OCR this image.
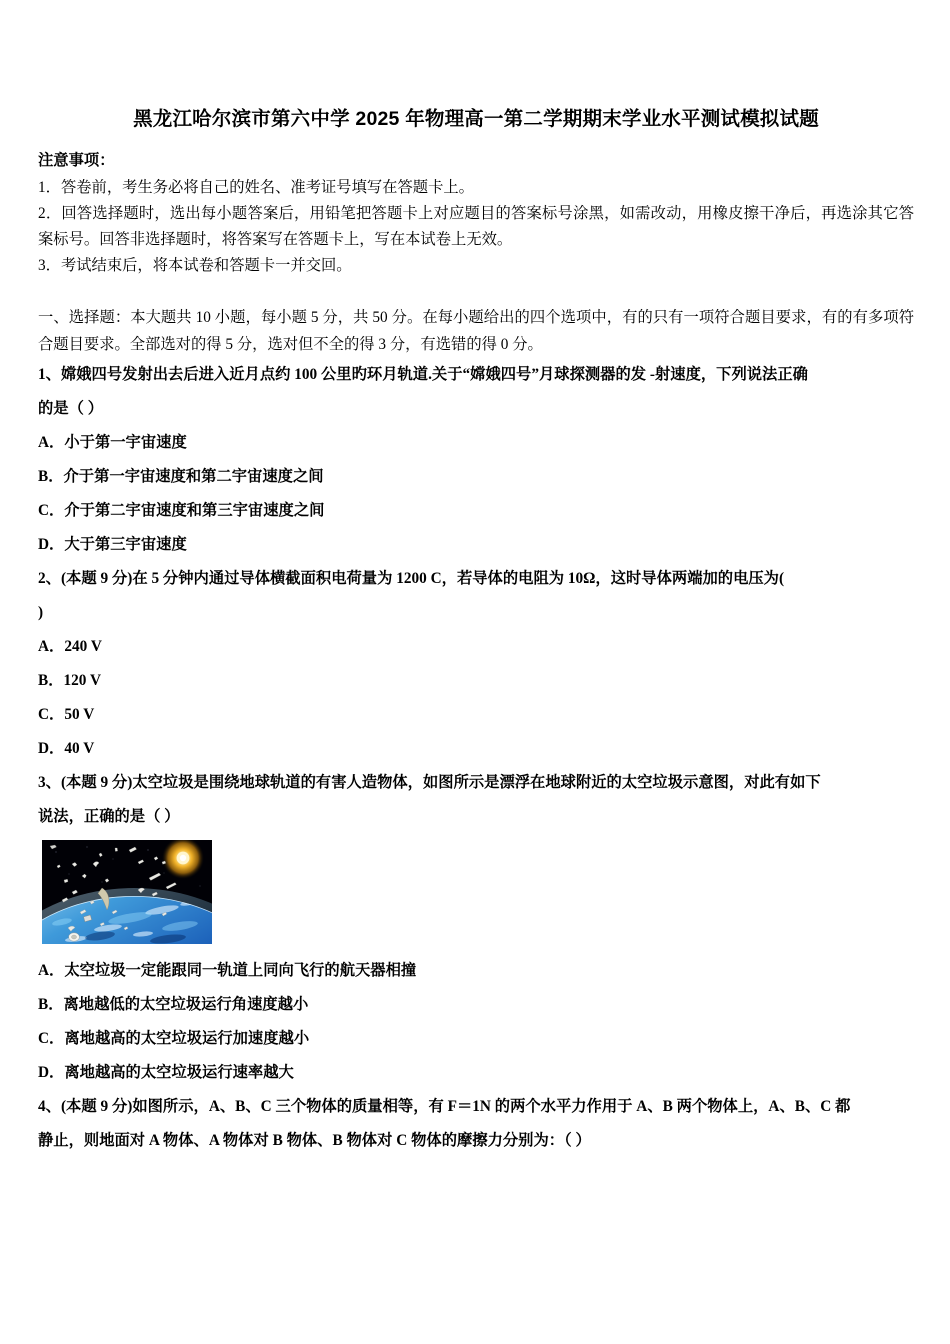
黑龙江哈尔滨市第六中学 2025 年物理高一第二学期期末学业水平测试模拟试题

注意事项：

1．答卷前，考生务必将自己的姓名、准考证号填写在答题卡上。

2．回答选择题时，选出每小题答案后，用铅笔把答题卡上对应题目的答案标号涂黑，如需改动，用橡皮擦干净后，再选涂其它答案标号。回答非选择题时，将答案写在答题卡上，写在本试卷上无效。

3．考试结束后，将本试卷和答题卡一并交回。

一、选择题：本大题共 10 小题，每小题 5 分，共 50 分。在每小题给出的四个选项中，有的只有一项符合题目要求，有的有多项符合题目要求。全部选对的得 5 分，选对但不全的得 3 分，有选错的得 0 分。

1、嫦娥四号发射出去后进入近月点约 100 公里旳环月轨道.关于“嫦娥四号”月球探测器的发 -射速度，下列说法正确

的是（ ）

A．小于第一宇宙速度

B．介于第一宇宙速度和第二宇宙速度之间

C．介于第二宇宙速度和第三宇宙速度之间

D．大于第三宇宙速度

2、(本题 9 分)在 5 分钟内通过导体横截面积电荷量为 1200 C，若导体的电阻为 10Ω，这时导体两端加的电压为(

)

A．240 V

B．120 V

C．50 V

D．40 V

3、(本题 9 分)太空垃圾是围绕地球轨道的有害人造物体，如图所示是漂浮在地球附近的太空垃圾示意图，对此有如下

说法，正确的是（ ）

A．太空垃圾一定能跟同一轨道上同向飞行的航天器相撞

B．离地越低的太空垃圾运行角速度越小

C．离地越高的太空垃圾运行加速度越小

D．离地越高的太空垃圾运行速率越大

4、(本题 9 分)如图所示，A、B、C 三个物体的质量相等，有 F＝1N 的两个水平力作用于 A、B 两个物体上，A、B、C 都

静止，则地面对 A 物体、A 物体对 B 物体、B 物体对 C 物体的摩擦力分别为：（ ）
